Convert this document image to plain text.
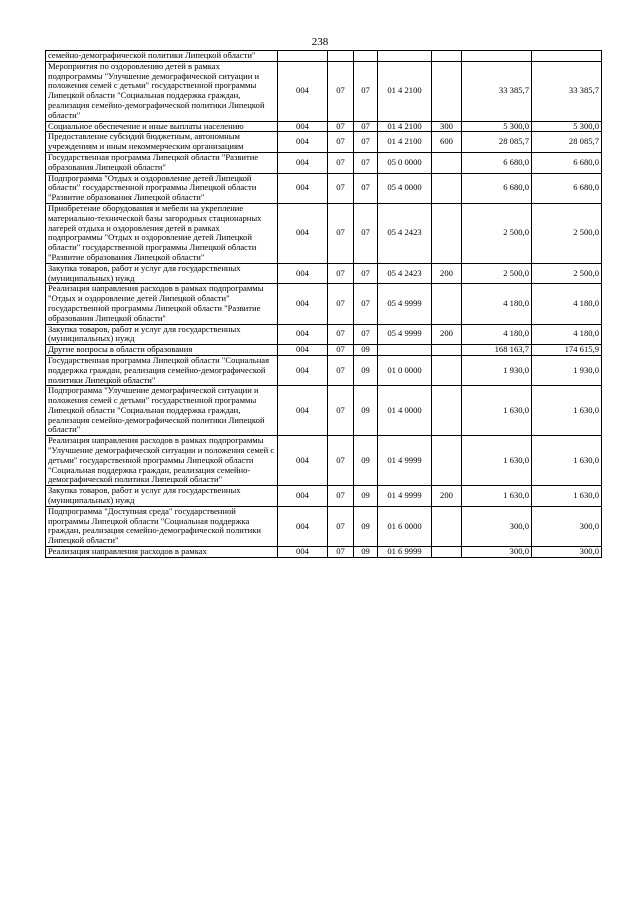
238
семейно-демографической политики Липецкой области"							
Мероприятия по оздоровлению детей в рамках подпрограммы "Улучшение демографической ситуации и положения семей с детьми" государственной программы Липецкой области "Социальная поддержка граждан, реализация семейно-демографической политики Липецкой области"	004	07	07	01 4 2100		33 385,7	33 385,7
Социальное обеспечение и иные выплаты населению	004	07	07	01 4 2100	300	5 300,0	5 300,0
Предоставление субсидий бюджетным, автономным учреждениям и иным некоммерческим организациям	004	07	07	01 4 2100	600	28 085,7	28 085,7
Государственная программа Липецкой области "Развитие образования Липецкой области"	004	07	07	05 0 0000		6 680,0	6 680,0
Подпрограмма "Отдых и оздоровление детей Липецкой области" государственной программы Липецкой области "Развитие образования Липецкой области"	004	07	07	05 4 0000		6 680,0	6 680,0
Приобретение оборудования и мебели на укрепление материально-технической базы загородных стационарных лагерей отдыха и оздоровления детей в рамках подпрограммы "Отдых и оздоровление детей Липецкой области" государственной программы Липецкой области "Развитие образования Липецкой области"	004	07	07	05 4 2423		2 500,0	2 500,0
Закупка товаров, работ и услуг для государственных (муниципальных) нужд	004	07	07	05 4 2423	200	2 500,0	2 500,0
Реализация направления расходов в рамках подпрограммы "Отдых и оздоровление детей Липецкой области" государственной программы Липецкой области "Развитие образования Липецкой области"	004	07	07	05 4 9999		4 180,0	4 180,0
Закупка товаров, работ и услуг для государственных (муниципальных) нужд	004	07	07	05 4 9999	200	4 180,0	4 180,0
Другие вопросы в области образования	004	07	09			168 163,7	174 615,9
Государственная программа Липецкой области "Социальная поддержка граждан, реализация семейно-демографической политики Липецкой области"	004	07	09	01 0 0000		1 930,0	1 930,0
Подпрограмма "Улучшение демографической ситуации и положения семей с детьми" государственной программы Липецкой области "Социальная поддержка граждан, реализация семейно-демографической политики Липецкой области"	004	07	09	01 4 0000		1 630,0	1 630,0
Реализация направления расходов в рамках подпрограммы "Улучшение демографической ситуации и положения семей с детьми" государственной программы Липецкой области "Социальная поддержка граждан, реализация семейно-демографической политики Липецкой области"	004	07	09	01 4 9999		1 630,0	1 630,0
Закупка товаров, работ и услуг для государственных (муниципальных) нужд	004	07	09	01 4 9999	200	1 630,0	1 630,0
Подпрограмма "Доступная среда" государственной программы Липецкой области "Социальная поддержка граждан, реализация семейно-демографической политики Липецкой области"	004	07	09	01 6 0000		300,0	300,0
Реализация направления расходов в рамках	004	07	09	01 6 9999		300,0	300,0
